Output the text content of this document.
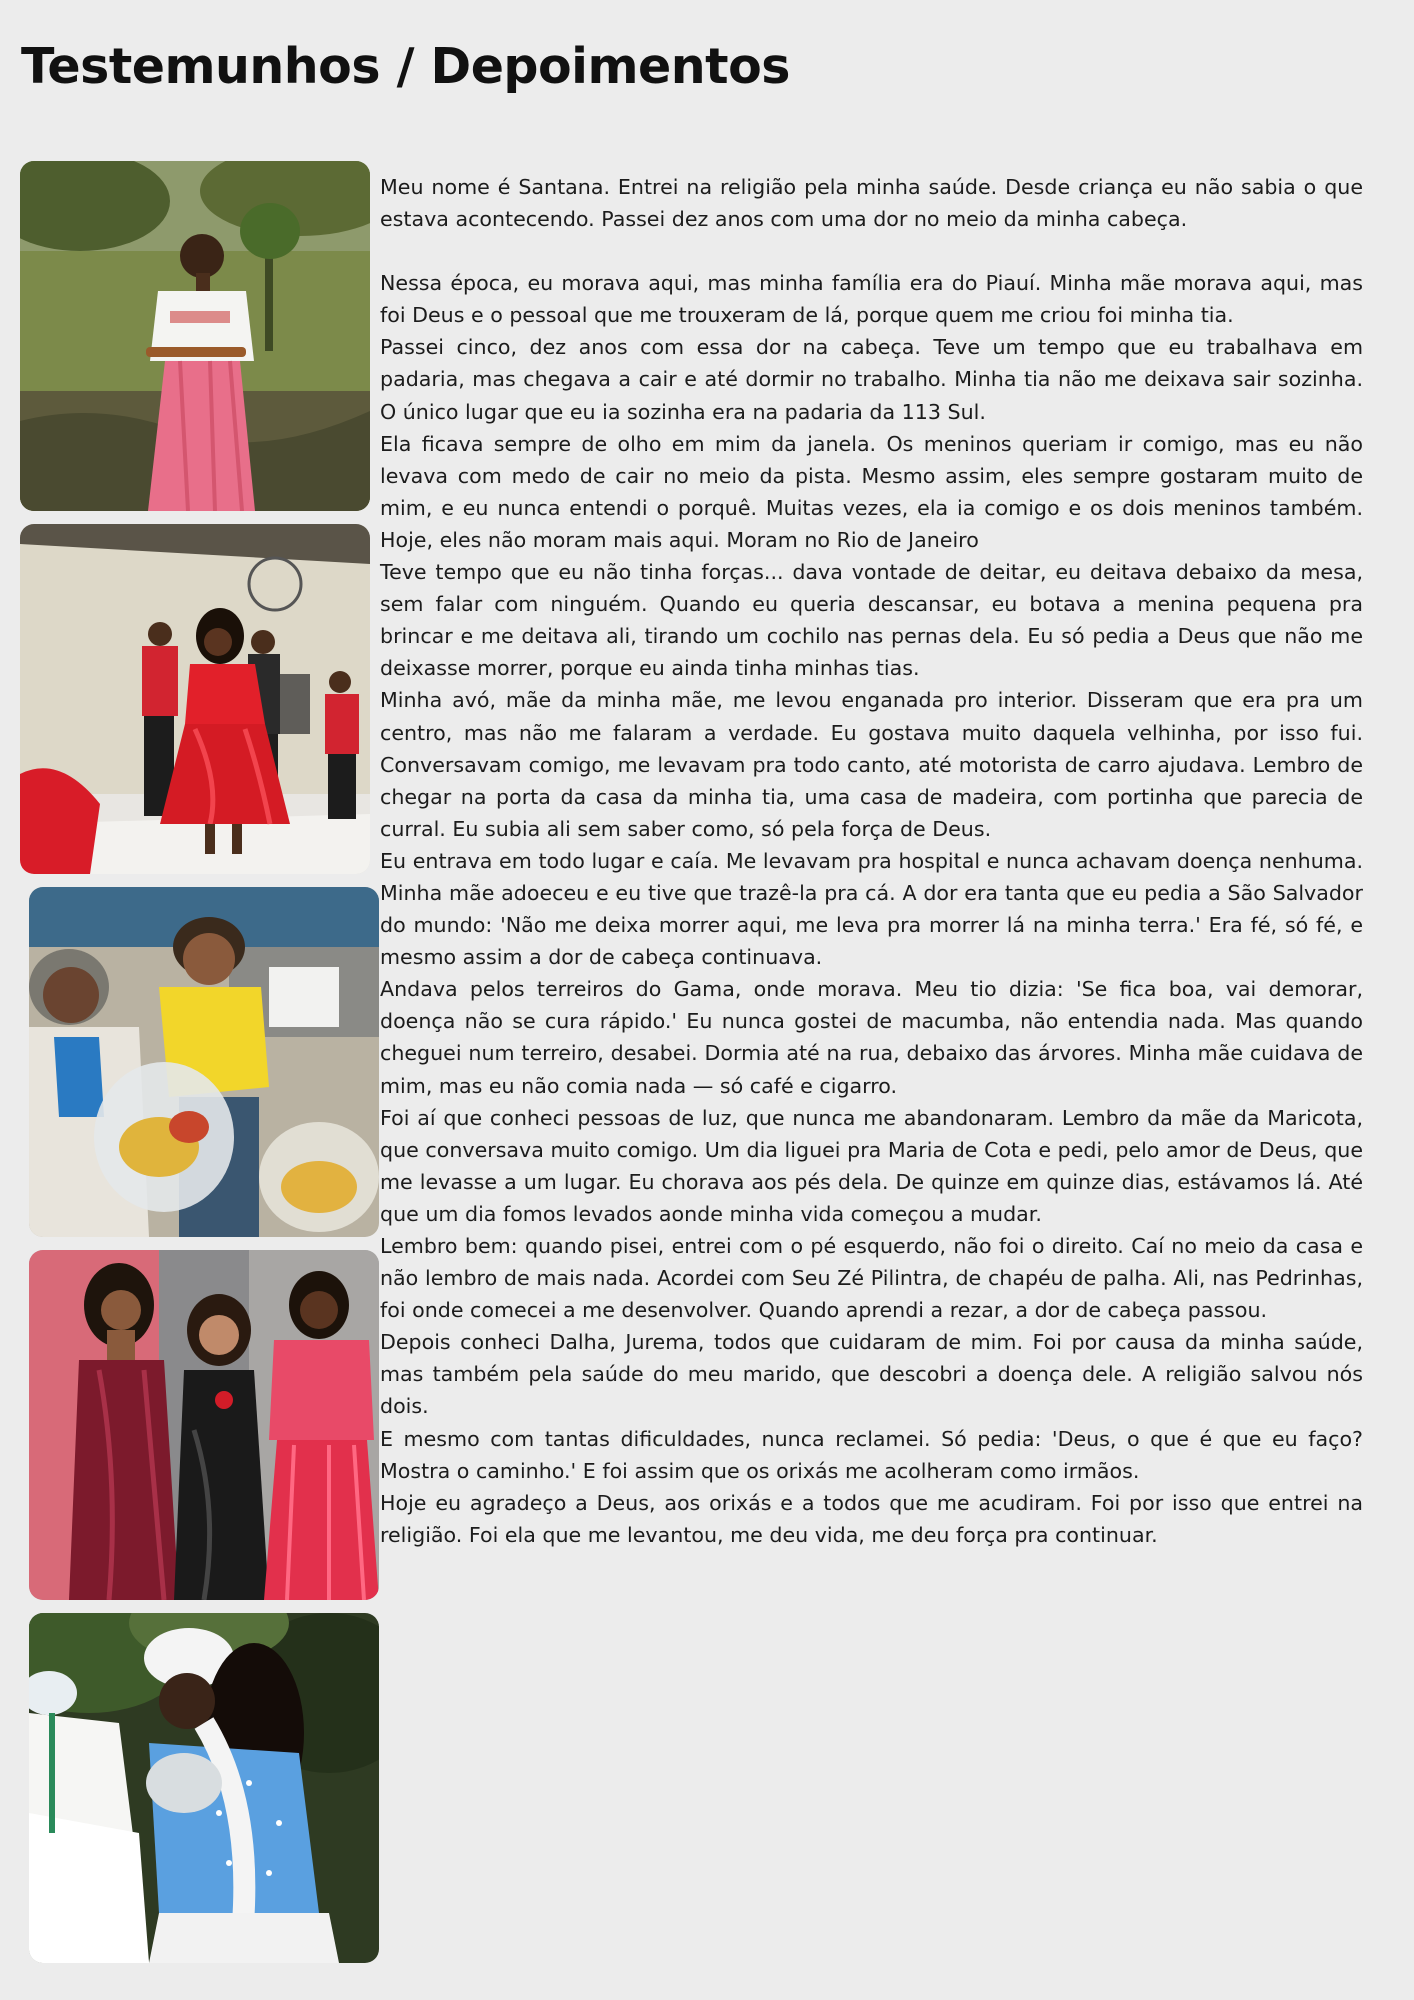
Testemunhos / Depoimentos

Meu nome é Santana. Entrei na religião pela minha saúde. Desde criança eu não sabia o que estava acontecendo. Passei dez anos com uma dor no meio da minha cabeça.

Nessa época, eu morava aqui, mas minha família era do Piauí. Minha mãe morava aqui, mas foi Deus e o pessoal que me trouxeram de lá, porque quem me criou foi minha tia.

Passei cinco, dez anos com essa dor na cabeça. Teve um tempo que eu trabalhava em padaria, mas chegava a cair e até dormir no trabalho. Minha tia não me deixava sair sozinha. O único lugar que eu ia sozinha era na padaria da 113 Sul.

Ela ficava sempre de olho em mim da janela. Os meninos queriam ir comigo, mas eu não levava com medo de cair no meio da pista. Mesmo assim, eles sempre gostaram muito de mim, e eu nunca entendi o porquê. Muitas vezes, ela ia comigo e os dois meninos também. Hoje, eles não moram mais aqui. Moram no Rio de Janeiro

Teve tempo que eu não tinha forças... dava vontade de deitar, eu deitava debaixo da mesa, sem falar com ninguém. Quando eu queria descansar, eu botava a menina pequena pra brincar e me deitava ali, tirando um cochilo nas pernas dela. Eu só pedia a Deus que não me deixasse morrer, porque eu ainda tinha minhas tias.

Minha avó, mãe da minha mãe, me levou enganada pro interior. Disseram que era pra um centro, mas não me falaram a verdade. Eu gostava muito daquela velhinha, por isso fui. Conversavam comigo, me levavam pra todo canto, até motorista de carro ajudava. Lembro de chegar na porta da casa da minha tia, uma casa de madeira, com portinha que parecia de curral. Eu subia ali sem saber como, só pela força de Deus.

Eu entrava em todo lugar e caía. Me levavam pra hospital e nunca achavam doença nenhuma. Minha mãe adoeceu e eu tive que trazê-la pra cá. A dor era tanta que eu pedia a São Salvador do mundo: 'Não me deixa morrer aqui, me leva pra morrer lá na minha terra.' Era fé, só fé, e mesmo assim a dor de cabeça continuava.

Andava pelos terreiros do Gama, onde morava. Meu tio dizia: 'Se fica boa, vai demorar, doença não se cura rápido.' Eu nunca gostei de macumba, não entendia nada. Mas quando cheguei num terreiro, desabei. Dormia até na rua, debaixo das árvores. Minha mãe cuidava de mim, mas eu não comia nada — só café e cigarro.

Foi aí que conheci pessoas de luz, que nunca me abandonaram. Lembro da mãe da Maricota, que conversava muito comigo. Um dia liguei pra Maria de Cota e pedi, pelo amor de Deus, que me levasse a um lugar. Eu chorava aos pés dela. De quinze em quinze dias, estávamos lá. Até que um dia fomos levados aonde minha vida começou a mudar.

Lembro bem: quando pisei, entrei com o pé esquerdo, não foi o direito. Caí no meio da casa e não lembro de mais nada. Acordei com Seu Zé Pilintra, de chapéu de palha. Ali, nas Pedrinhas, foi onde comecei a me desenvolver. Quando aprendi a rezar, a dor de cabeça passou.

Depois conheci Dalha, Jurema, todos que cuidaram de mim. Foi por causa da minha saúde, mas também pela saúde do meu marido, que descobri a doença dele. A religião salvou nós dois.

E mesmo com tantas dificuldades, nunca reclamei. Só pedia: 'Deus, o que é que eu faço? Mostra o caminho.' E foi assim que os orixás me acolheram como irmãos.

Hoje eu agradeço a Deus, aos orixás e a todos que me acudiram. Foi por isso que entrei na religião. Foi ela que me levantou, me deu vida, me deu força pra continuar.
